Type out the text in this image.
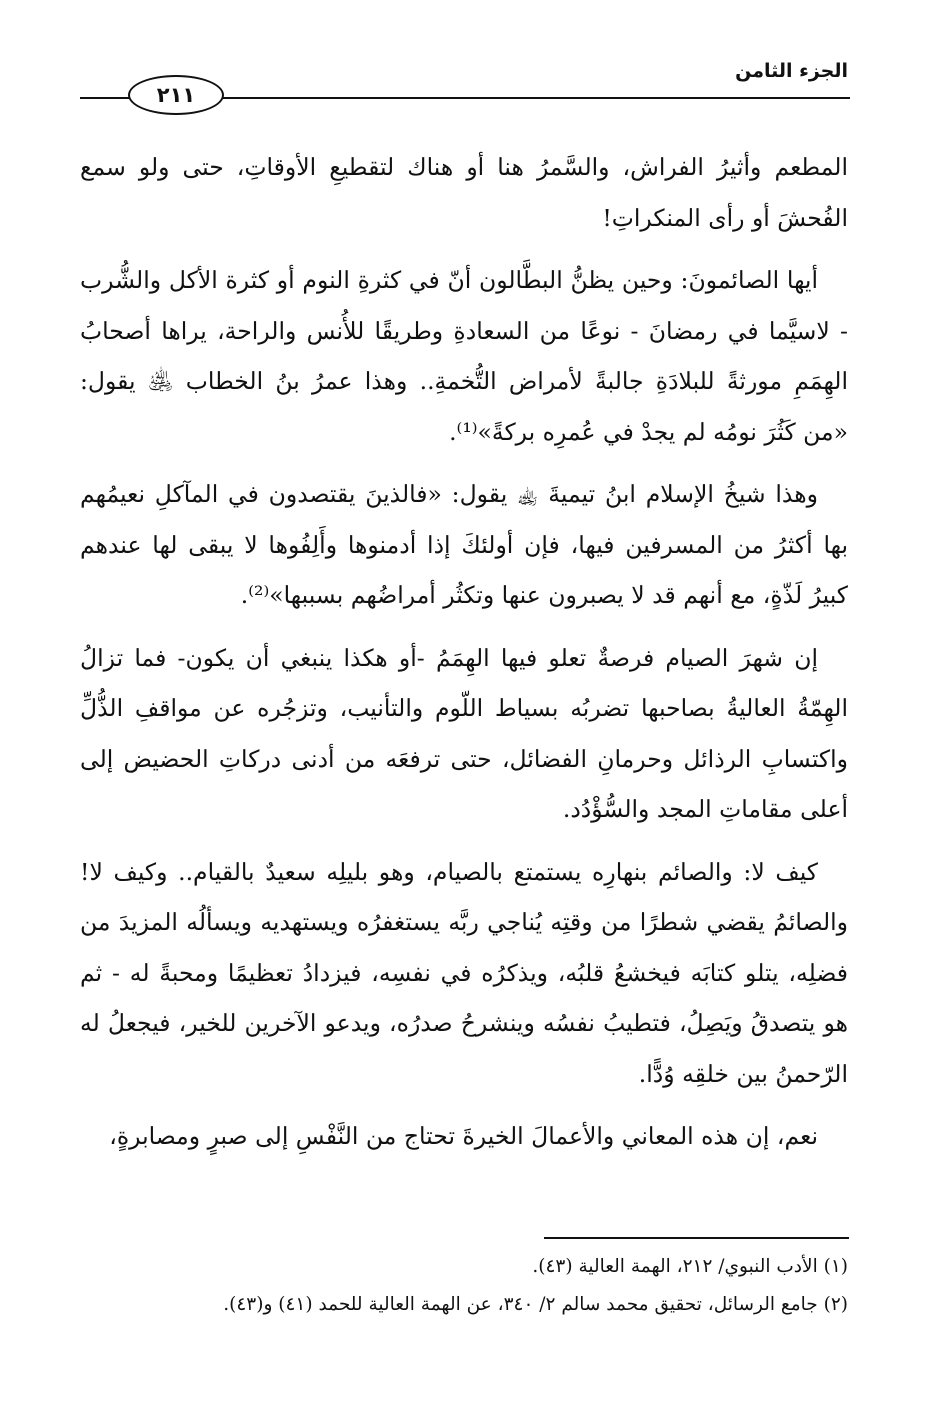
الجزء الثامن
٢١١

المطعم وأثيرُ الفراش، والسَّمرُ هنا أو هناك لتقطيعِ الأوقاتِ، حتى ولو سمع الفُحشَ أو رأى المنكراتِ!

أيها الصائمونَ: وحين يظنُّ البطَّالون أنّ في كثرةِ النوم أو كثرة الأكل والشُّرب - لاسيَّما في رمضانَ - نوعًا من السعادةِ وطريقًا للأُنس والراحة، يراها أصحابُ الهِمَمِ مورثةً للبلادَةِ جالبةً لأمراض التُّخمةِ.. وهذا عمرُ بنُ الخطاب ﵁ يقول: «من كَثُرَ نومُه لم يجدْ في عُمرِه بركةً»⁽¹⁾.

وهذا شيخُ الإسلام ابنُ تيميةَ ﵀ يقول: «فالذينَ يقتصدون في المآكلِ نعيمُهم بها أكثرُ من المسرفين فيها، فإن أولئكَ إذا أدمنوها وأَلِفُوها لا يبقى لها عندهم كبيرُ لَذّةٍ، مع أنهم قد لا يصبرون عنها وتكثُر أمراضُهم بسببها»⁽²⁾.

إن شهرَ الصيام فرصةٌ تعلو فيها الهِمَمُ -أو هكذا ينبغي أن يكون- فما تزالُ الهِمّةُ العاليةُ بصاحبها تضربُه بسياط اللّوم والتأنيب، وتزجُره عن مواقفِ الذُّلِّ واكتسابِ الرذائل وحرمانِ الفضائل، حتى ترفعَه من أدنى دركاتِ الحضيض إلى أعلى مقاماتِ المجد والسُّؤْدُد.

كيف لا: والصائم بنهارِه يستمتع بالصيام، وهو بليلِه سعيدٌ بالقيام.. وكيف لا! والصائمُ يقضي شطرًا من وقتِه يُناجي ربَّه يستغفرُه ويستهديه ويسألُه المزيدَ من فضلِه، يتلو كتابَه فيخشعُ قلبُه، ويذكرُه في نفسِه، فيزدادُ تعظيمًا ومحبةً له - ثم هو يتصدقُ ويَصِلُ، فتطيبُ نفسُه وينشرحُ صدرُه، ويدعو الآخرين للخير، فيجعلُ له الرّحمنُ بين خلقِه وُدًّا.

نعم، إن هذه المعاني والأعمالَ الخيرةَ تحتاج من النَّفْسِ إلى صبرٍ ومصابرةٍ،

(١) الأدب النبوي/ ٢١٢، الهمة العالية (٤٣).

(٢) جامع الرسائل، تحقيق محمد سالم ٢/ ٣٤٠، عن الهمة العالية للحمد (٤١) و(٤٣).
